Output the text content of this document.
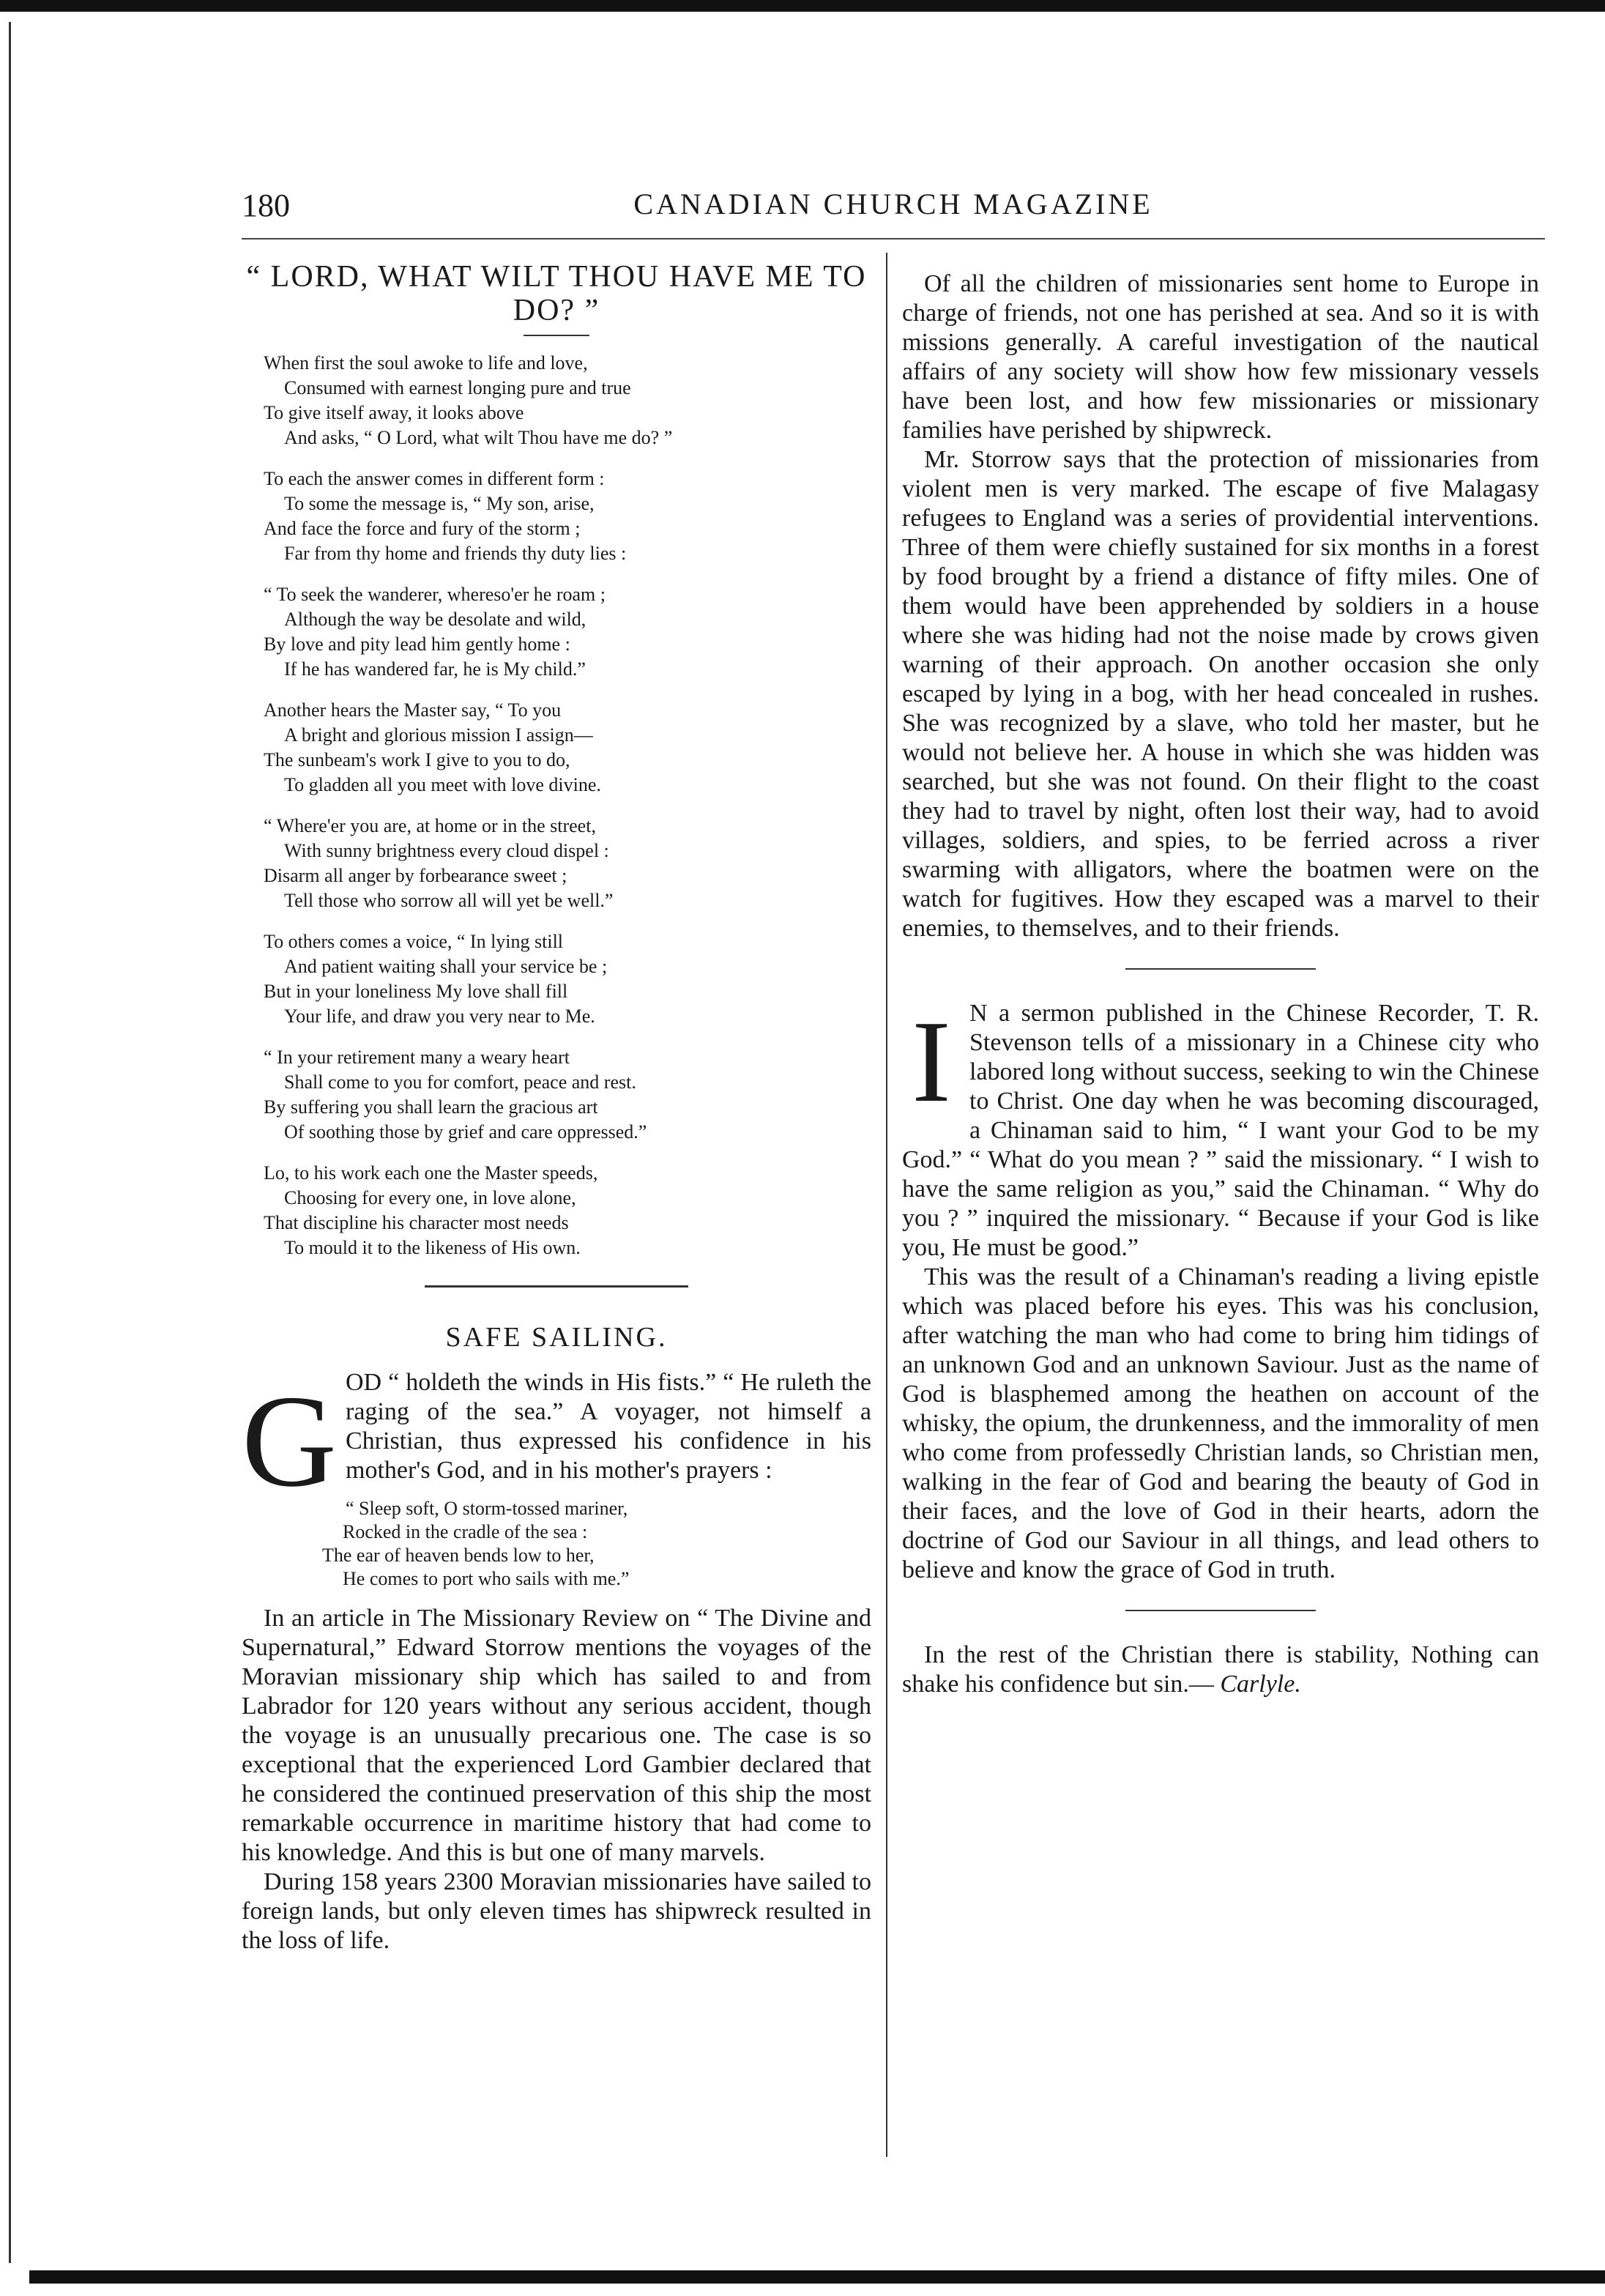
180	CANADIAN CHURCH MAGAZINE
“ LORD, WHAT WILT THOU HAVE ME TO DO? ”
When first the soul awoke to life and love,
Consumed with earnest longing pure and true
To give itself away, it looks above
And asks, “ O Lord, what wilt Thou have me do? ”
To each the answer comes in different form :
To some the message is, “ My son, arise,
And face the force and fury of the storm ;
Far from thy home and friends thy duty lies :
“ To seek the wanderer, whereso'er he roam ;
Although the way be desolate and wild,
By love and pity lead him gently home :
If he has wandered far, he is My child.”
Another hears the Master say, “ To you
A bright and glorious mission I assign—
The sunbeam's work I give to you to do,
To gladden all you meet with love divine.
“ Where'er you are, at home or in the street,
With sunny brightness every cloud dispel :
Disarm all anger by forbearance sweet ;
Tell those who sorrow all will yet be well.”
To others comes a voice, “ In lying still
And patient waiting shall your service be ;
But in your loneliness My love shall fill
Your life, and draw you very near to Me.
“ In your retirement many a weary heart
Shall come to you for comfort, peace and rest.
By suffering you shall learn the gracious art
Of soothing those by grief and care oppressed.”
Lo, to his work each one the Master speeds,
Choosing for every one, in love alone,
That discipline his character most needs
To mould it to the likeness of His own.
SAFE SAILING.
G OD “ holdeth the winds in His fists.” “ He ruleth the raging of the sea.” A voyager, not himself a Christian, thus expressed his confidence in his mother's God, and in his mother's prayers :

“ Sleep soft, O storm-tossed mariner,
Rocked in the cradle of the sea :
The ear of heaven bends low to her,
He comes to port who sails with me.”

In an article in The Missionary Review on “ The Divine and Supernatural,” Edward Storrow mentions the voyages of the Moravian missionary ship which has sailed to and from Labrador for 120 years without any serious accident, though the voyage is an unusually precarious one. The case is so exceptional that the experienced Lord Gambier declared that he considered the continued preservation of this ship the most remarkable occurrence in maritime history that had come to his knowledge. And this is but one of many marvels.

During 158 years 2300 Moravian missionaries have sailed to foreign lands, but only eleven times has shipwreck resulted in the loss of life.

Of all the children of missionaries sent home to Europe in charge of friends, not one has perished at sea. And so it is with missions generally. A careful investigation of the nautical affairs of any society will show how few missionary vessels have been lost, and how few missionaries or missionary families have perished by shipwreck.

Mr. Storrow says that the protection of missionaries from violent men is very marked. The escape of five Malagasy refugees to England was a series of providential interventions. Three of them were chiefly sustained for six months in a forest by food brought by a friend a distance of fifty miles. One of them would have been apprehended by soldiers in a house where she was hiding had not the noise made by crows given warning of their approach. On another occasion she only escaped by lying in a bog, with her head concealed in rushes. She was recognized by a slave, who told her master, but he would not believe her. A house in which she was hidden was searched, but she was not found. On their flight to the coast they had to travel by night, often lost their way, had to avoid villages, soldiers, and spies, to be ferried across a river swarming with alligators, where the boatmen were on the watch for fugitives. How they escaped was a marvel to their enemies, to themselves, and to their friends.

I N a sermon published in the Chinese Recorder, T. R. Stevenson tells of a missionary in a Chinese city who labored long without success, seeking to win the Chinese to Christ. One day when he was becoming discouraged, a Chinaman said to him, “ I want your God to be my God.” “ What do you mean ? ” said the missionary. “ I wish to have the same religion as you,” said the Chinaman. “ Why do you ? ” inquired the missionary. “ Because if your God is like you, He must be good.”

This was the result of a Chinaman's reading a living epistle which was placed before his eyes. This was his conclusion, after watching the man who had come to bring him tidings of an unknown God and an unknown Saviour. Just as the name of God is blasphemed among the heathen on account of the whisky, the opium, the drunkenness, and the immorality of men who come from professedly Christian lands, so Christian men, walking in the fear of God and bearing the beauty of God in their faces, and the love of God in their hearts, adorn the doctrine of God our Saviour in all things, and lead others to believe and know the grace of God in truth.

In the rest of the Christian there is stability, Nothing can shake his confidence but sin.— Carlyle.
